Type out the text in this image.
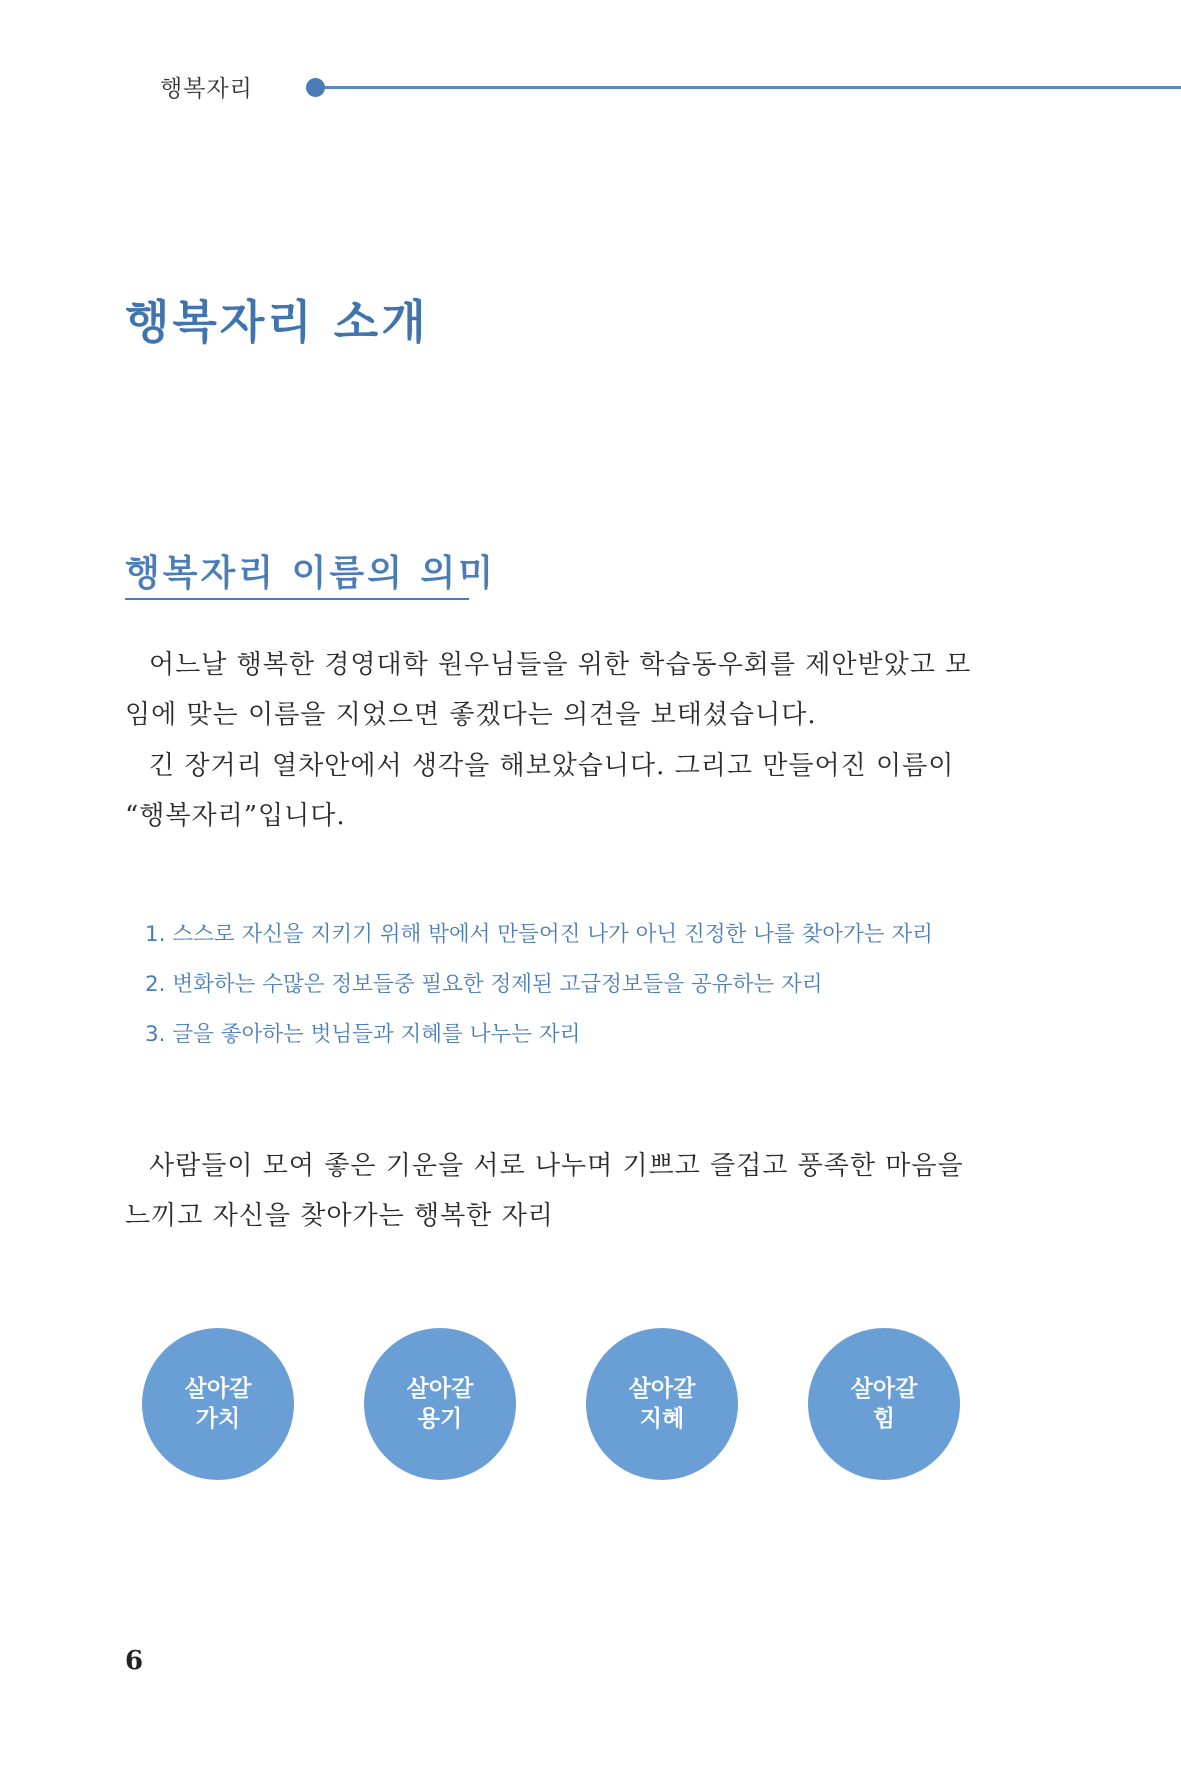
행복자리
행복자리 소개
행복자리 이름의 의미
어느날 행복한 경영대학 원우님들을 위한 학습동우회를 제안받았고 모
임에 맞는 이름을 지었으면 좋겠다는 의견을 보태셨습니다.
긴 장거리 열차안에서 생각을 해보았습니다. 그리고 만들어진 이름이
“행복자리”입니다.
1. 스스로 자신을 지키기 위해 밖에서 만들어진 나가 아닌 진정한 나를 찾아가는 자리
2. 변화하는 수많은 정보들중 필요한 정제된 고급정보들을 공유하는 자리
3. 글을 좋아하는 벗님들과 지혜를 나누는 자리
사람들이 모여 좋은 기운을 서로 나누며 기쁘고 즐겁고 풍족한 마음을
느끼고 자신을 찾아가는 행복한 자리
살아갈
가치
살아갈
용기
살아갈
지혜
살아갈
힘
6
